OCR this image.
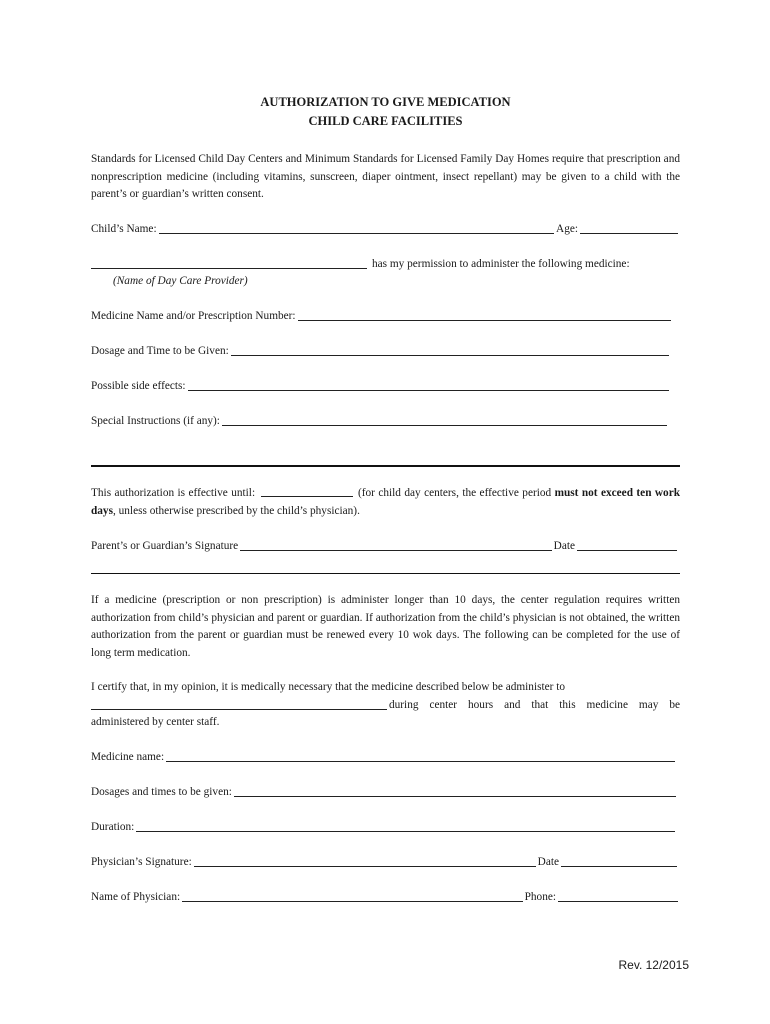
AUTHORIZATION TO GIVE MEDICATION
CHILD CARE FACILITIES
Standards for Licensed Child Day Centers and Minimum Standards for Licensed Family Day Homes require that prescription and nonprescription medicine (including vitamins, sunscreen, diaper ointment, insect repellant) may be given to a child with the parent’s or guardian’s written consent.
Child’s Name:	Age:
has my permission to administer the following medicine:
(Name of Day Care Provider)
Medicine Name and/or Prescription Number:
Dosage and Time to be Given:
Possible side effects:
Special Instructions (if any):
This authorization is effective until:	(for child day centers, the effective period must not exceed ten work days, unless otherwise prescribed by the child’s physician).
Parent’s or Guardian’s Signature	Date
If a medicine (prescription or non prescription) is administer longer than 10 days, the center regulation requires written authorization from child’s physician and parent or guardian. If authorization from the child’s physician is not obtained, the written authorization from the parent or guardian must be renewed every 10 wok days. The following can be completed for the use of long term medication.
I certify that, in my opinion, it is medically necessary that the medicine described below be administer to
during center hours and that this medicine may be
administered by center staff.
Medicine name:
Dosages and times to be given:
Duration:
Physician’s Signature:	Date
Name of Physician:	Phone:
Rev. 12/2015
